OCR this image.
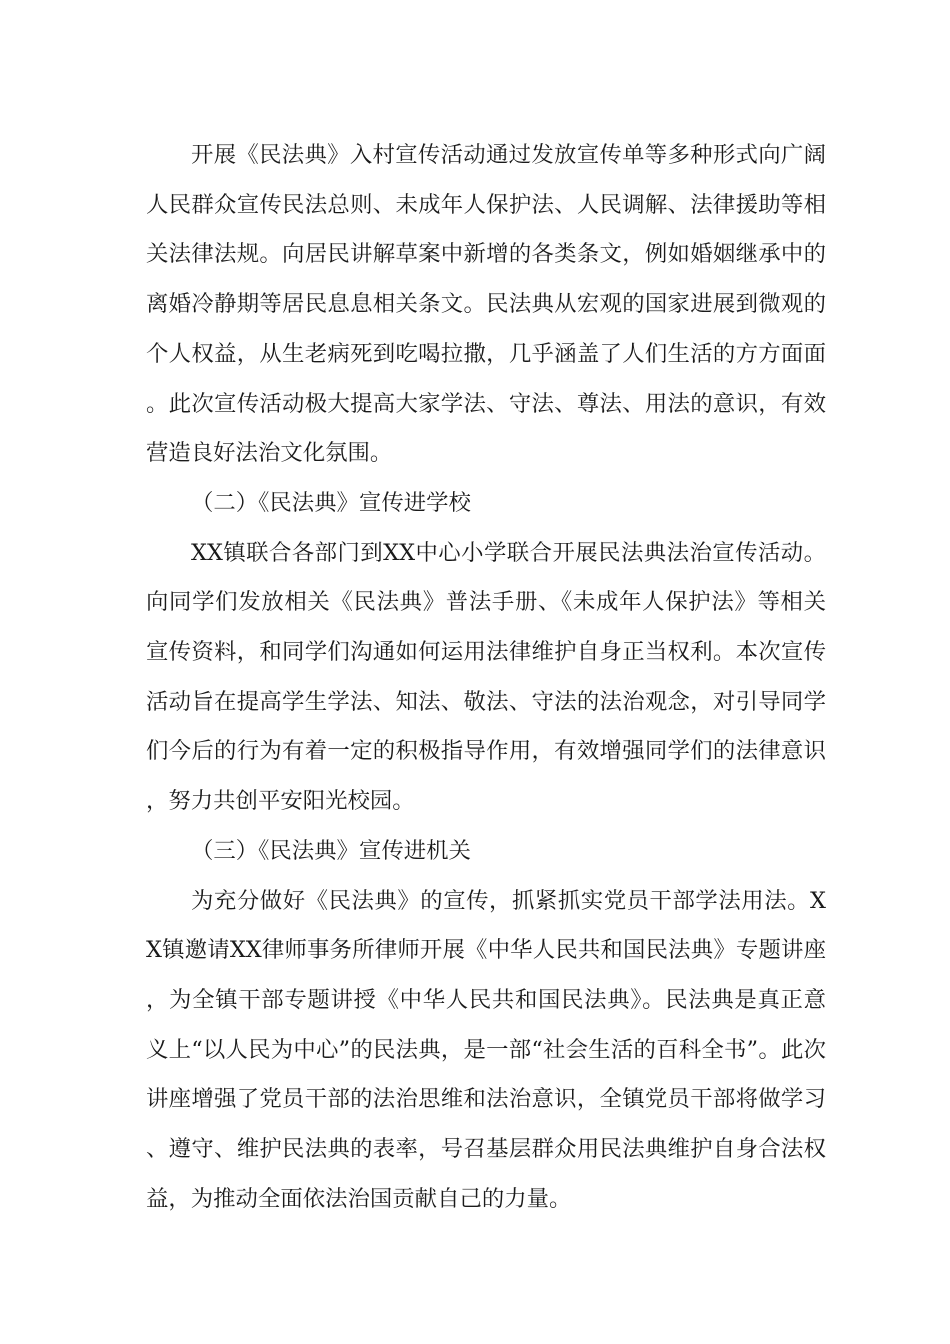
开展《民法典》入村宣传活动通过发放宣传单等多种形式向广阔人民群众宣传民法总则、未成年人保护法、人民调解、法律援助等相关法律法规。向居民讲解草案中新增的各类条文，例如婚姻继承中的离婚冷静期等居民息息相关条文。民法典从宏观的国家进展到微观的个人权益，从生老病死到吃喝拉撒，几乎涵盖了人们生活的方方面面。此次宣传活动极大提高大家学法、守法、尊法、用法的意识，有效营造良好法治文化氛围。

（二）《民法典》宣传进学校

XX镇联合各部门到XX中心小学联合开展民法典法治宣传活动。向同学们发放相关《民法典》普法手册、《未成年人保护法》等相关宣传资料，和同学们沟通如何运用法律维护自身正当权利。本次宣传活动旨在提高学生学法、知法、敬法、守法的法治观念，对引导同学们今后的行为有着一定的积极指导作用，有效增强同学们的法律意识，努力共创平安阳光校园。

（三）《民法典》宣传进机关

为充分做好《民法典》的宣传，抓紧抓实党员干部学法用法。XX镇邀请XX律师事务所律师开展《中华人民共和国民法典》专题讲座，为全镇干部专题讲授《中华人民共和国民法典》。民法典是真正意义上“以人民为中心”的民法典，是一部“社会生活的百科全书”。此次讲座增强了党员干部的法治思维和法治意识，全镇党员干部将做学习、遵守、维护民法典的表率，号召基层群众用民法典维护自身合法权益，为推动全面依法治国贡献自己的力量。
